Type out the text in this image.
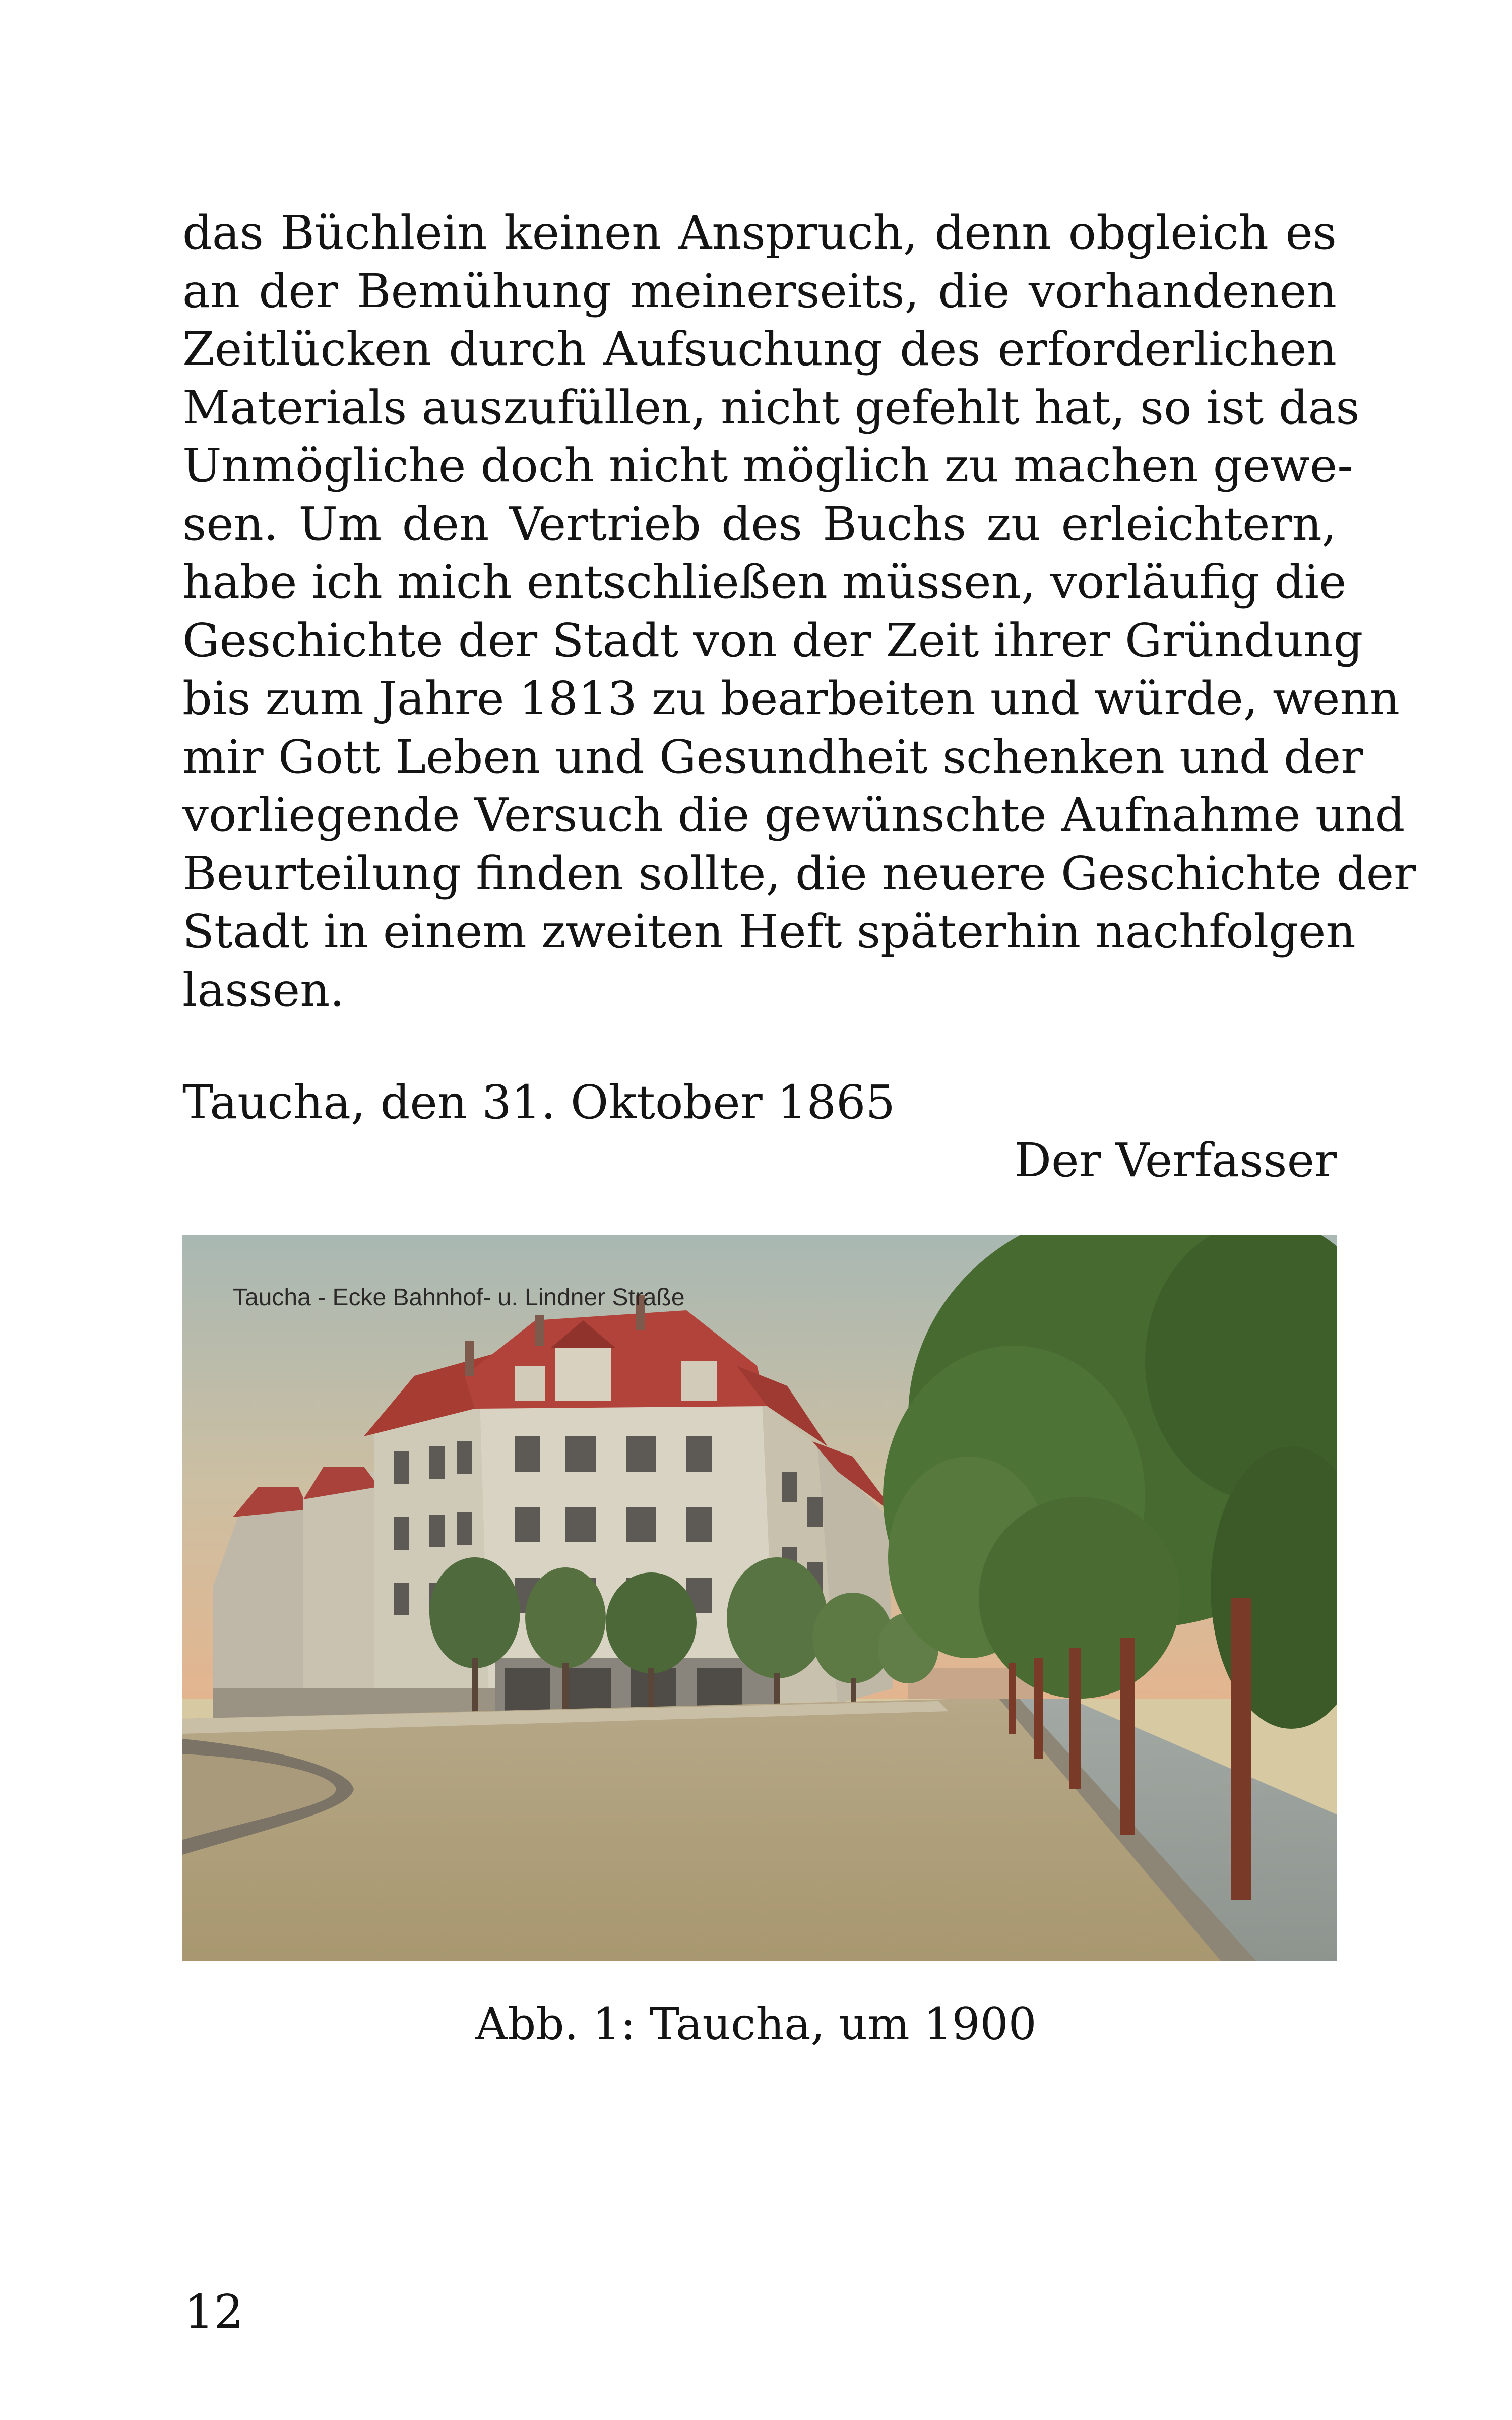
das Büchlein keinen Anspruch, denn obgleich es
an der Bemühung meinerseits, die vorhandenen
Zeitlücken durch Aufsuchung des erforderlichen
Materials auszufüllen, nicht gefehlt hat, so ist das
Unmögliche doch nicht möglich zu machen gewe-
sen. Um den Vertrieb des Buchs zu erleichtern,
habe ich mich entschließen müssen, vorläufig die
Geschichte der Stadt von der Zeit ihrer Gründung
bis zum Jahre 1813 zu bearbeiten und würde, wenn
mir Gott Leben und Gesundheit schenken und der
vorliegende Versuch die gewünschte Aufnahme und
Beurteilung finden sollte, die neuere Geschichte der
Stadt in einem zweiten Heft späterhin nachfolgen
lassen.
Taucha, den 31. Oktober 1865
Der Verfasser
Taucha - Ecke Bahnhof- u. Lindner Straße
Abb. 1: Taucha, um 1900
12
